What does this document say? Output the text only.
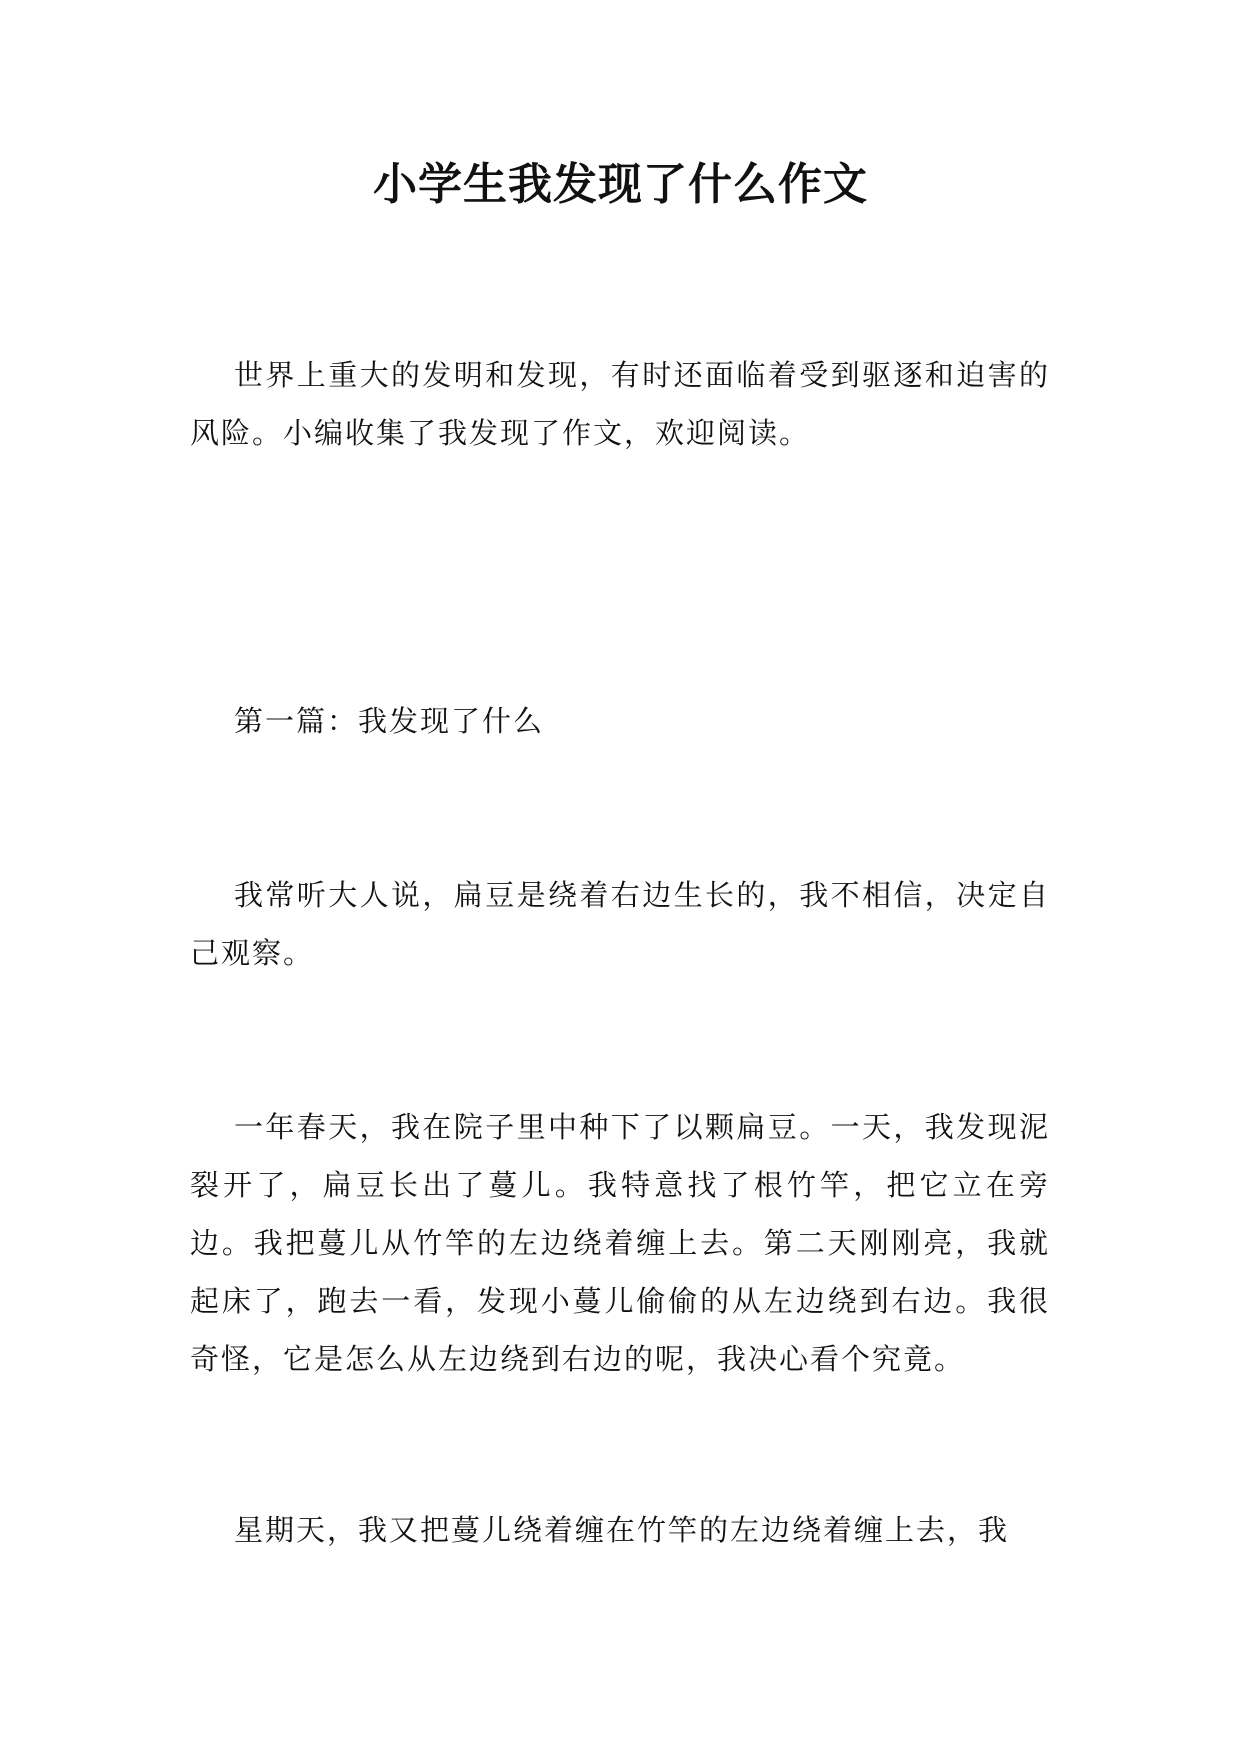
小学生我发现了什么作文

世界上重大的发明和发现，有时还面临着受到驱逐和迫害的风险。小编收集了我发现了作文，欢迎阅读。

第一篇：我发现了什么

我常听大人说，扁豆是绕着右边生长的，我不相信，决定自己观察。

一年春天，我在院子里中种下了以颗扁豆。一天，我发现泥裂开了，扁豆长出了蔓儿。我特意找了根竹竿，把它立在旁边。我把蔓儿从竹竿的左边绕着缠上去。第二天刚刚亮，我就起床了，跑去一看，发现小蔓儿偷偷的从左边绕到右边。我很奇怪，它是怎么从左边绕到右边的呢，我决心看个究竟。

星期天，我又把蔓儿绕着缠在竹竿的左边绕着缠上去，我
